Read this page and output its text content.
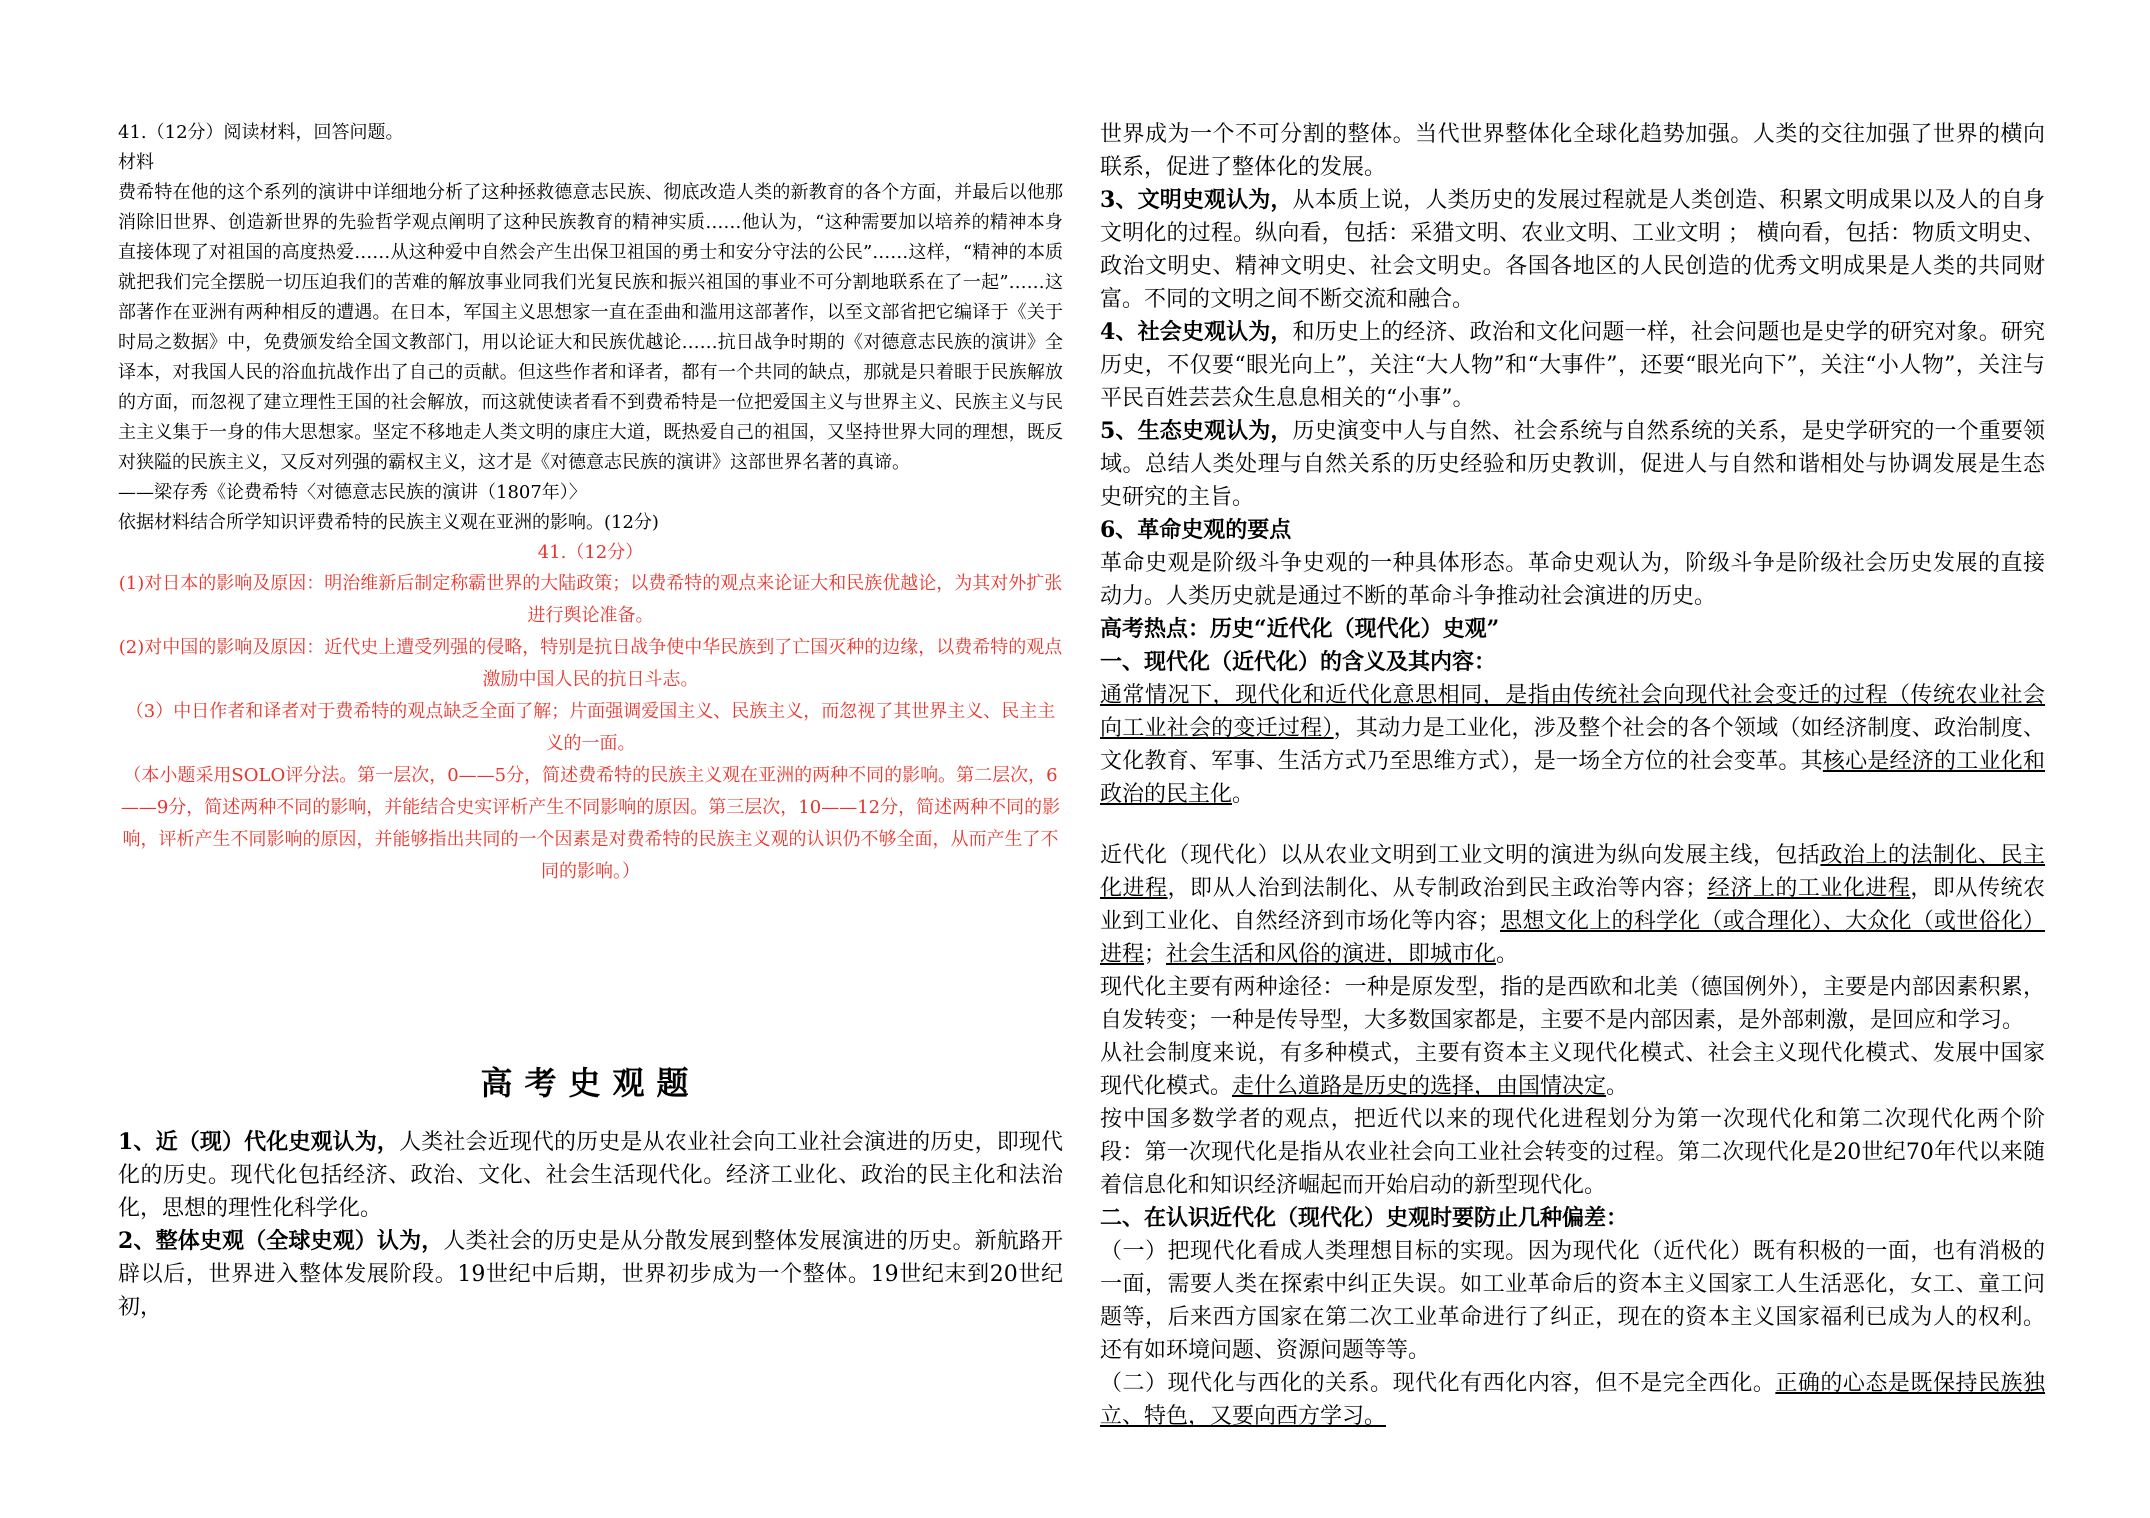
41.（12分）阅读材料，回答问题。

材料

费希特在他的这个系列的演讲中详细地分析了这种拯救德意志民族、彻底改造人类的新教育的各个方面，并最后以他那消除旧世界、创造新世界的先验哲学观点阐明了这种民族教育的精神实质……他认为，“这种需要加以培养的精神本身直接体现了对祖国的高度热爱……从这种爱中自然会产生出保卫祖国的勇士和安分守法的公民”……这样，“精神的本质就把我们完全摆脱一切压迫我们的苦难的解放事业同我们光复民族和振兴祖国的事业不可分割地联系在了一起”……这部著作在亚洲有两种相反的遭遇。在日本，军国主义思想家一直在歪曲和滥用这部著作，以至文部省把它编译于《关于时局之数据》中，免费颁发给全国文教部门，用以论证大和民族优越论……抗日战争时期的《对德意志民族的演讲》全译本，对我国人民的浴血抗战作出了自己的贡献。但这些作者和译者，都有一个共同的缺点，那就是只着眼于民族解放的方面，而忽视了建立理性王国的社会解放，而这就使读者看不到费希特是一位把爱国主义与世界主义、民族主义与民主主义集于一身的伟大思想家。坚定不移地走人类文明的康庄大道，既热爱自己的祖国，又坚持世界大同的理想，既反对狭隘的民族主义，又反对列强的霸权主义，这才是《对德意志民族的演讲》这部世界名著的真谛。

——梁存秀《论费希特〈对德意志民族的演讲（1807年）〉

依据材料结合所学知识评费希特的民族主义观在亚洲的影响。(12分)

41.（12分）

(1)对日本的影响及原因：明治维新后制定称霸世界的大陆政策；以费希特的观点来论证大和民族优越论，为其对外扩张进行舆论准备。

(2)对中国的影响及原因：近代史上遭受列强的侵略，特别是抗日战争使中华民族到了亡国灭种的边缘，以费希特的观点激励中国人民的抗日斗志。

（3）中日作者和译者对于费希特的观点缺乏全面了解；片面强调爱国主义、民族主义，而忽视了其世界主义、民主主义的一面。

（本小题采用SOLO评分法。第一层次，0——5分，简述费希特的民族主义观在亚洲的两种不同的影响。第二层次，6——9分，简述两种不同的影响，并能结合史实评析产生不同影响的原因。第三层次，10——12分，简述两种不同的影响，评析产生不同影响的原因，并能够指出共同的一个因素是对费希特的民族主义观的认识仍不够全面，从而产生了不同的影响。）

高考史观题

1、近（现）代化史观认为，人类社会近现代的历史是从农业社会向工业社会演进的历史，即现代化的历史。现代化包括经济、政治、文化、社会生活现代化。经济工业化、政治的民主化和法治化，思想的理性化科学化。

2、整体史观（全球史观）认为，人类社会的历史是从分散发展到整体发展演进的历史。新航路开辟以后，世界进入整体发展阶段。19世纪中后期，世界初步成为一个整体。19世纪末到20世纪初，

世界成为一个不可分割的整体。当代世界整体化全球化趋势加强。人类的交往加强了世界的横向联系，促进了整体化的发展。

3、文明史观认为，从本质上说，人类历史的发展过程就是人类创造、积累文明成果以及人的自身文明化的过程。纵向看，包括：采猎文明、农业文明、工业文明 ； 横向看，包括：物质文明史、政治文明史、精神文明史、社会文明史。各国各地区的人民创造的优秀文明成果是人类的共同财富。不同的文明之间不断交流和融合。

4、社会史观认为，和历史上的经济、政治和文化问题一样，社会问题也是史学的研究对象。研究历史，不仅要“眼光向上”，关注“大人物”和“大事件”，还要“眼光向下”，关注“小人物”，关注与平民百姓芸芸众生息息相关的“小事”。

5、生态史观认为，历史演变中人与自然、社会系统与自然系统的关系，是史学研究的一个重要领域。总结人类处理与自然关系的历史经验和历史教训，促进人与自然和谐相处与协调发展是生态史研究的主旨。

6、革命史观的要点

革命史观是阶级斗争史观的一种具体形态。革命史观认为，阶级斗争是阶级社会历史发展的直接动力。人类历史就是通过不断的革命斗争推动社会演进的历史。

高考热点：历史“近代化（现代化）史观”

一、现代化（近代化）的含义及其内容：

通常情况下，现代化和近代化意思相同，是指由传统社会向现代社会变迁的过程（传统农业社会向工业社会的变迁过程），其动力是工业化，涉及整个社会的各个领域（如经济制度、政治制度、文化教育、军事、生活方式乃至思维方式），是一场全方位的社会变革。其核心是经济的工业化和政治的民主化。

近代化（现代化）以从农业文明到工业文明的演进为纵向发展主线，包括政治上的法制化、民主化进程，即从人治到法制化、从专制政治到民主政治等内容；经济上的工业化进程，即从传统农业到工业化、自然经济到市场化等内容；思想文化上的科学化（或合理化）、大众化（或世俗化）进程；社会生活和风俗的演进，即城市化。

现代化主要有两种途径：一种是原发型，指的是西欧和北美（德国例外），主要是内部因素积累，自发转变；一种是传导型，大多数国家都是，主要不是内部因素，是外部刺激，是回应和学习。

从社会制度来说，有多种模式，主要有资本主义现代化模式、社会主义现代化模式、发展中国家现代化模式。走什么道路是历史的选择，由国情决定。

按中国多数学者的观点，把近代以来的现代化进程划分为第一次现代化和第二次现代化两个阶段：第一次现代化是指从农业社会向工业社会转变的过程。第二次现代化是20世纪70年代以来随着信息化和知识经济崛起而开始启动的新型现代化。

二、在认识近代化（现代化）史观时要防止几种偏差：

（一）把现代化看成人类理想目标的实现。因为现代化（近代化）既有积极的一面，也有消极的一面，需要人类在探索中纠正失误。如工业革命后的资本主义国家工人生活恶化，女工、童工问题等，后来西方国家在第二次工业革命进行了纠正，现在的资本主义国家福利已成为人的权利。还有如环境问题、资源问题等等。

（二）现代化与西化的关系。现代化有西化内容，但不是完全西化。正确的心态是既保持民族独立、特色，又要向西方学习。
